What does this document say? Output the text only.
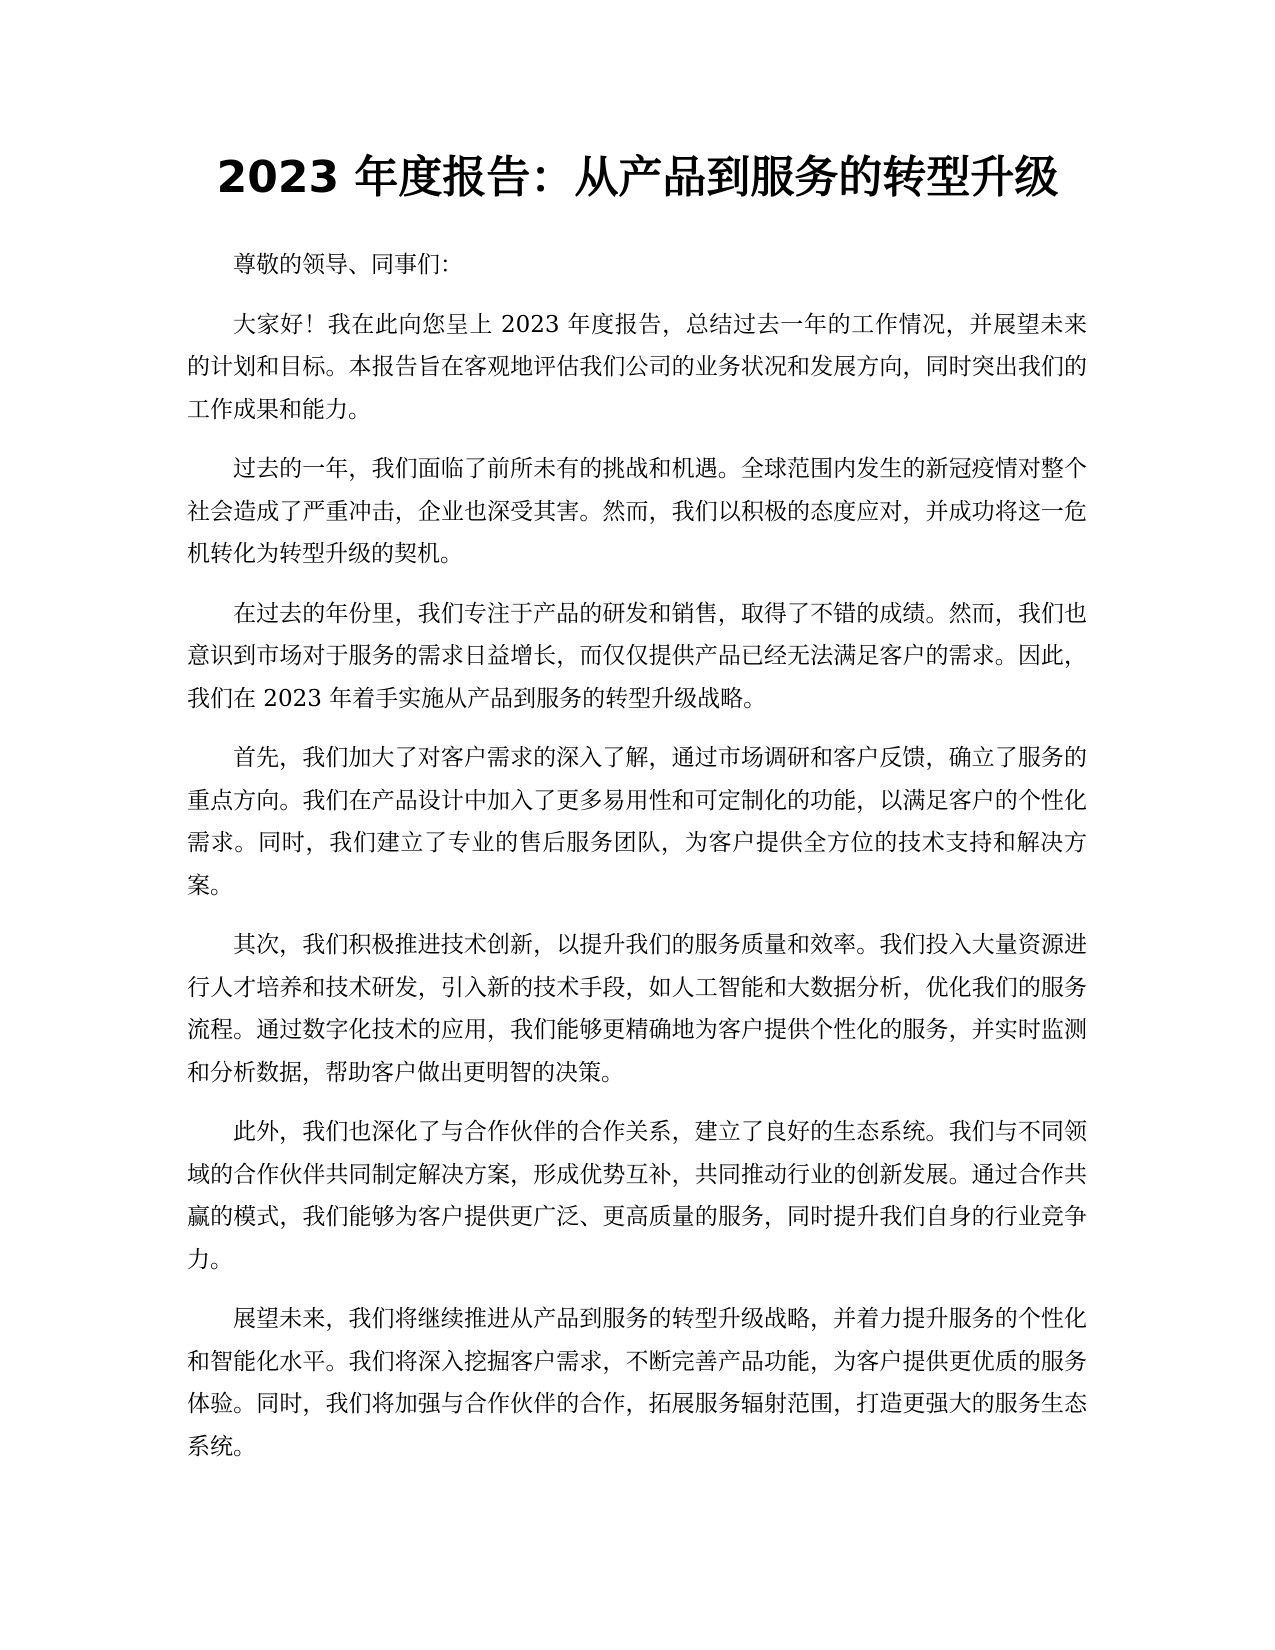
2023 年度报告：从产品到服务的转型升级

尊敬的领导、同事们：

大家好！我在此向您呈上 2023 年度报告，总结过去一年的工作情况，并展望未来的计划和目标。本报告旨在客观地评估我们公司的业务状况和发展方向，同时突出我们的工作成果和能力。

过去的一年，我们面临了前所未有的挑战和机遇。全球范围内发生的新冠疫情对整个社会造成了严重冲击，企业也深受其害。然而，我们以积极的态度应对，并成功将这一危机转化为转型升级的契机。

在过去的年份里，我们专注于产品的研发和销售，取得了不错的成绩。然而，我们也意识到市场对于服务的需求日益增长，而仅仅提供产品已经无法满足客户的需求。因此，我们在 2023 年着手实施从产品到服务的转型升级战略。

首先，我们加大了对客户需求的深入了解，通过市场调研和客户反馈，确立了服务的重点方向。我们在产品设计中加入了更多易用性和可定制化的功能，以满足客户的个性化需求。同时，我们建立了专业的售后服务团队，为客户提供全方位的技术支持和解决方案。

其次，我们积极推进技术创新，以提升我们的服务质量和效率。我们投入大量资源进行人才培养和技术研发，引入新的技术手段，如人工智能和大数据分析，优化我们的服务流程。通过数字化技术的应用，我们能够更精确地为客户提供个性化的服务，并实时监测和分析数据，帮助客户做出更明智的决策。

此外，我们也深化了与合作伙伴的合作关系，建立了良好的生态系统。我们与不同领域的合作伙伴共同制定解决方案，形成优势互补，共同推动行业的创新发展。通过合作共赢的模式，我们能够为客户提供更广泛、更高质量的服务，同时提升我们自身的行业竞争力。

展望未来，我们将继续推进从产品到服务的转型升级战略，并着力提升服务的个性化和智能化水平。我们将深入挖掘客户需求，不断完善产品功能，为客户提供更优质的服务体验。同时，我们将加强与合作伙伴的合作，拓展服务辐射范围，打造更强大的服务生态系统。
